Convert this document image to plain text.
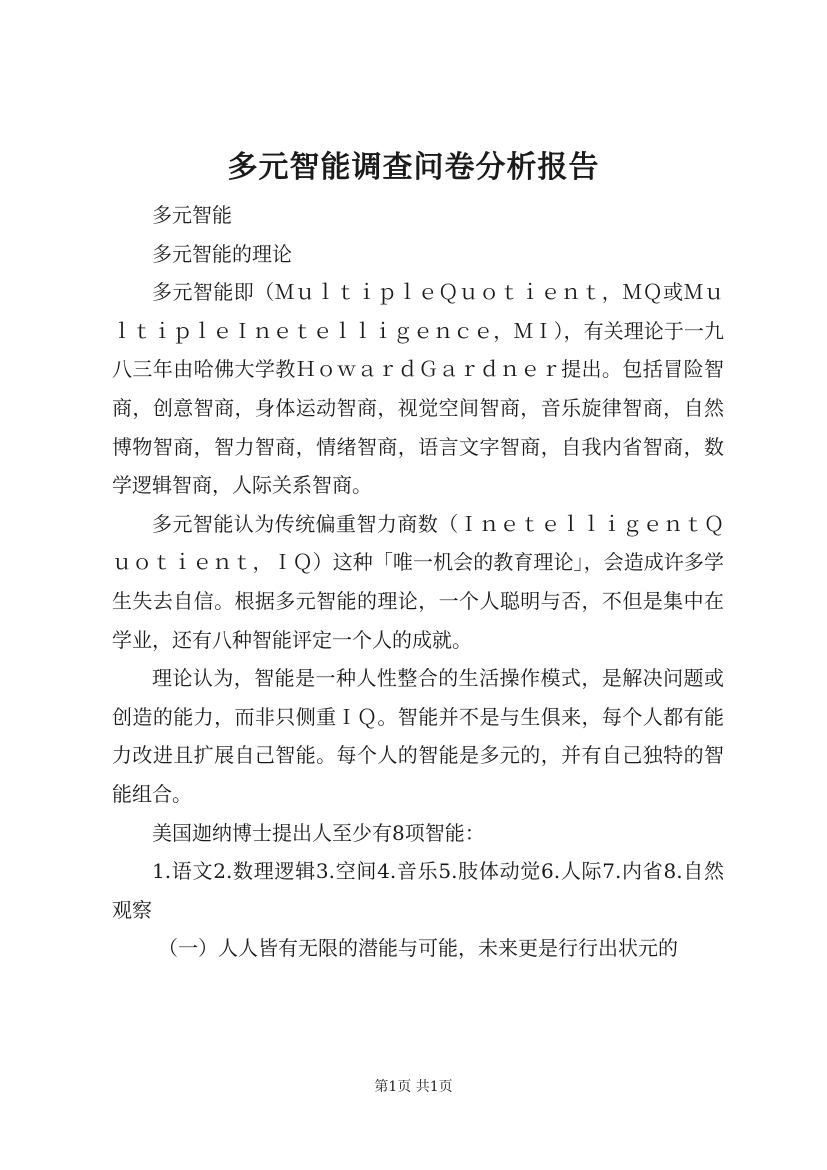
多元智能调查问卷分析报告

多元智能

多元智能的理论

多元智能即（ＭｕｌｔｉｐｌｅＱｕｏｔｉｅｎｔ，ＭＱ或ＭｕｌｔｉｐｌｅＩｎｅｔｅｌｌｉｇｅｎｃｅ，ＭＩ），有关理论于一九八三年由哈佛大学教ＨｏｗａｒｄＧａｒｄｎｅｒ提出。包括冒险智商，创意智商，身体运动智商，视觉空间智商，音乐旋律智商，自然博物智商，智力智商，情绪智商，语言文字智商，自我内省智商，数学逻辑智商，人际关系智商。

多元智能认为传统偏重智力商数（ＩｎｅｔｅｌｌｉｇｅｎｔＱｕｏｔｉｅｎｔ，ＩＱ）这种「唯一机会的教育理论」，会造成许多学生失去自信。根据多元智能的理论，一个人聪明与否，不但是集中在学业，还有八种智能评定一个人的成就。

理论认为，智能是一种人性整合的生活操作模式，是解决问题或创造的能力，而非只侧重ＩＱ。智能并不是与生俱来，每个人都有能力改进且扩展自己智能。每个人的智能是多元的，并有自己独特的智能组合。

美国迦纳博士提出人至少有8项智能：

1.语文2.数理逻辑3.空间4.音乐5.肢体动觉6.人际7.内省8.自然观察

（一）人人皆有无限的潜能与可能，未来更是行行出状元的

第1页 共1页
